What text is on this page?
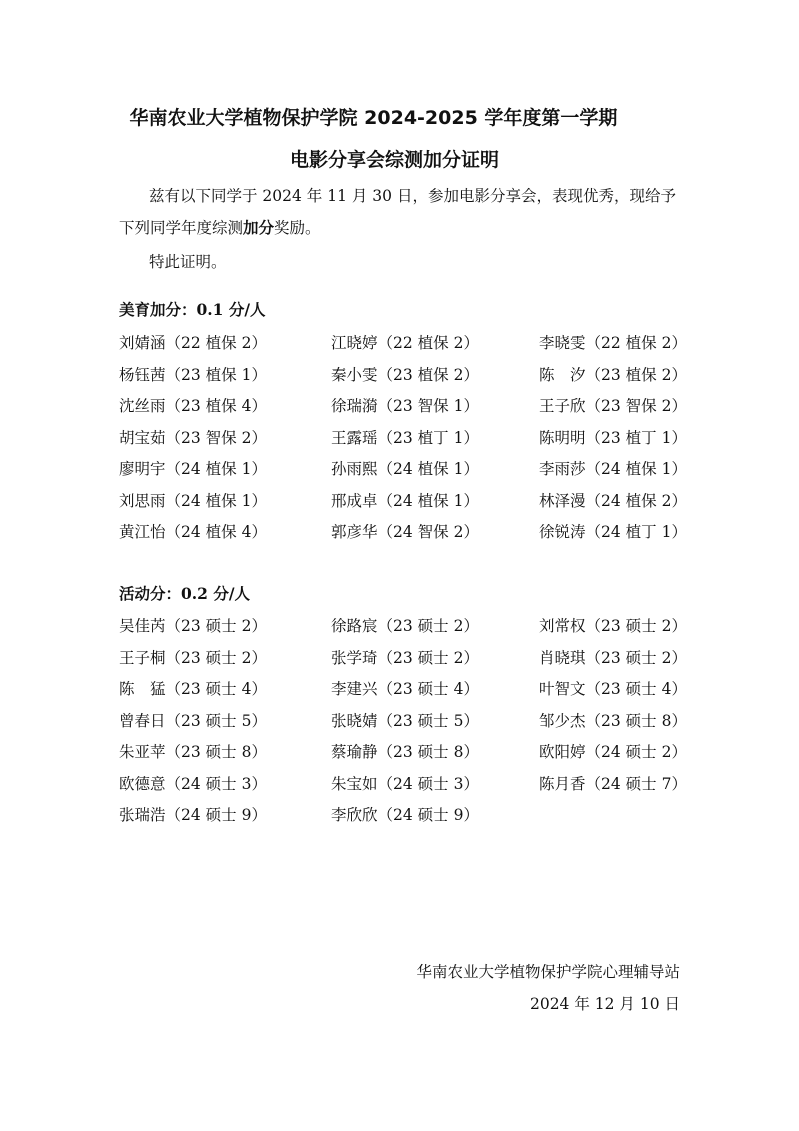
华南农业大学植物保护学院 2024-2025 学年度第一学期
电影分享会综测加分证明
兹有以下同学于 2024 年 11 月 30 日，参加电影分享会，表现优秀，现给予
下列同学年度综测加分奖励。
特此证明。
美育加分：0.1 分/人
刘婧涵（22 植保 2）	江晓婷（22 植保 2）	李晓雯（22 植保 2）
杨钰茜（23 植保 1）	秦小雯（23 植保 2）	陈　汐（23 植保 2）
沈丝雨（23 植保 4）	徐瑞漪（23 智保 1）	王子欣（23 智保 2）
胡宝茹（23 智保 2）	王露瑶（23 植丁 1）	陈明明（23 植丁 1）
廖明宇（24 植保 1）	孙雨熙（24 植保 1）	李雨莎（24 植保 1）
刘思雨（24 植保 1）	邢成卓（24 植保 1）	林泽漫（24 植保 2）
黄江怡（24 植保 4）	郭彦华（24 智保 2）	徐锐涛（24 植丁 1）
活动分：0.2 分/人
吴佳芮（23 硕士 2）	徐路宸（23 硕士 2）	刘常权（23 硕士 2）
王子桐（23 硕士 2）	张学琦（23 硕士 2）	肖晓琪（23 硕士 2）
陈　猛（23 硕士 4）	李建兴（23 硕士 4）	叶智文（23 硕士 4）
曾春日（23 硕士 5）	张晓婧（23 硕士 5）	邹少杰（23 硕士 8）
朱亚苹（23 硕士 8）	蔡瑜静（23 硕士 8）	欧阳婷（24 硕士 2）
欧德意（24 硕士 3）	朱宝如（24 硕士 3）	陈月香（24 硕士 7）
张瑞浩（24 硕士 9）	李欣欣（24 硕士 9）
华南农业大学植物保护学院心理辅导站
2024 年 12 月 10 日
